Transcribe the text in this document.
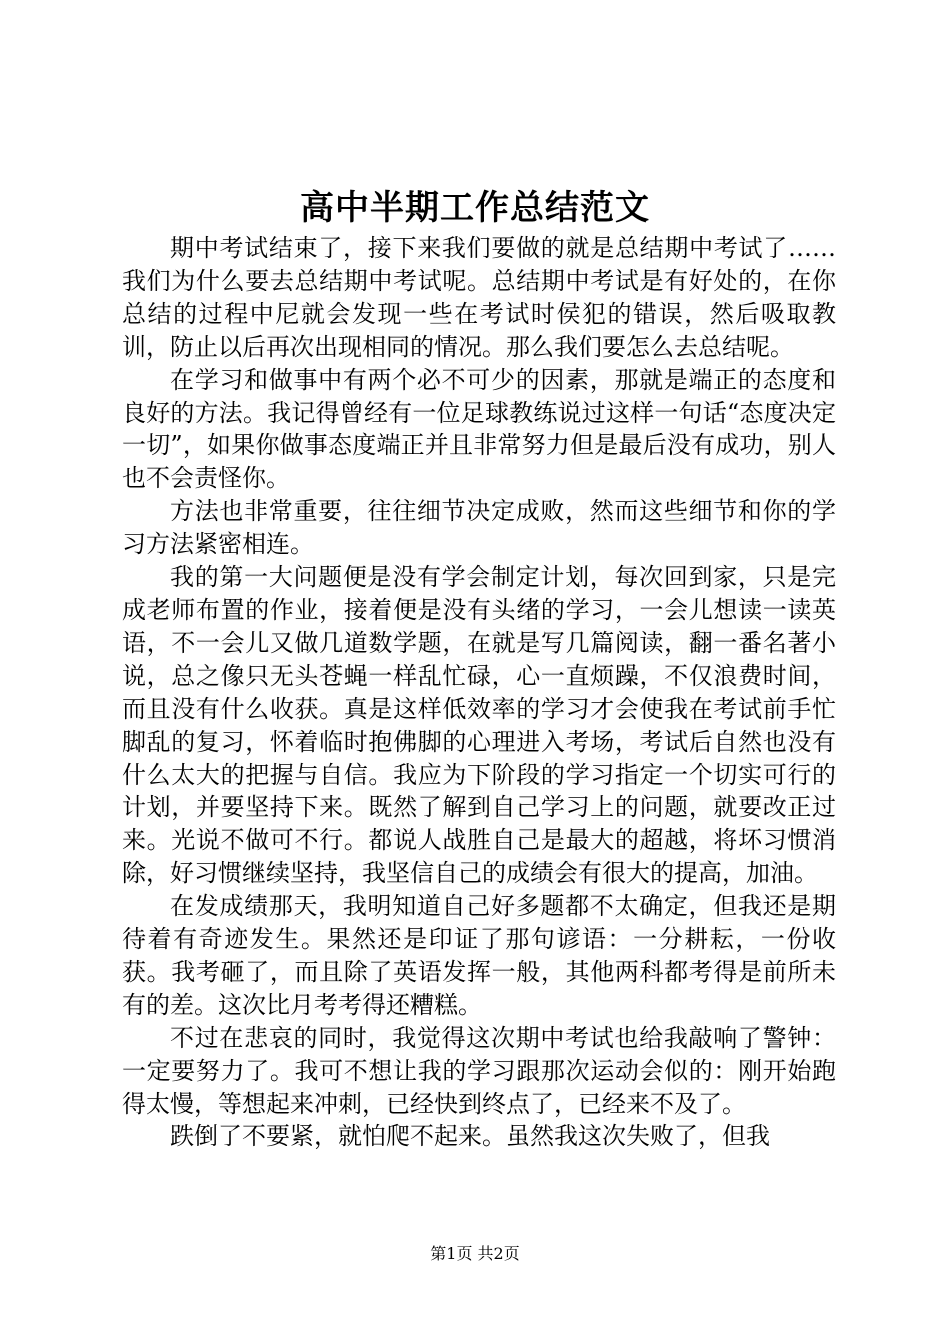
高中半期工作总结范文

期中考试结束了，接下来我们要做的就是总结期中考试了……我们为什么要去总结期中考试呢。总结期中考试是有好处的，在你总结的过程中尼就会发现一些在考试时侯犯的错误，然后吸取教训，防止以后再次出现相同的情况。那么我们要怎么去总结呢。

在学习和做事中有两个必不可少的因素，那就是端正的态度和良好的方法。我记得曾经有一位足球教练说过这样一句话“态度决定一切”，如果你做事态度端正并且非常努力但是最后没有成功，别人也不会责怪你。

方法也非常重要，往往细节决定成败，然而这些细节和你的学习方法紧密相连。

我的第一大问题便是没有学会制定计划，每次回到家，只是完成老师布置的作业，接着便是没有头绪的学习，一会儿想读一读英语，不一会儿又做几道数学题，在就是写几篇阅读，翻一番名著小说，总之像只无头苍蝇一样乱忙碌，心一直烦躁，不仅浪费时间，而且没有什么收获。真是这样低效率的学习才会使我在考试前手忙脚乱的复习，怀着临时抱佛脚的心理进入考场，考试后自然也没有什么太大的把握与自信。我应为下阶段的学习指定一个切实可行的计划，并要坚持下来。既然了解到自己学习上的问题，就要改正过来。光说不做可不行。都说人战胜自己是最大的超越，将坏习惯消除，好习惯继续坚持，我坚信自己的成绩会有很大的提高，加油。

在发成绩那天，我明知道自己好多题都不太确定，但我还是期待着有奇迹发生。果然还是印证了那句谚语：一分耕耘，一份收获。我考砸了，而且除了英语发挥一般，其他两科都考得是前所未有的差。这次比月考考得还糟糕。

不过在悲哀的同时，我觉得这次期中考试也给我敲响了警钟：一定要努力了。我可不想让我的学习跟那次运动会似的：刚开始跑得太慢，等想起来冲刺，已经快到终点了，已经来不及了。

跌倒了不要紧，就怕爬不起来。虽然我这次失败了，但我

第1页 共2页
